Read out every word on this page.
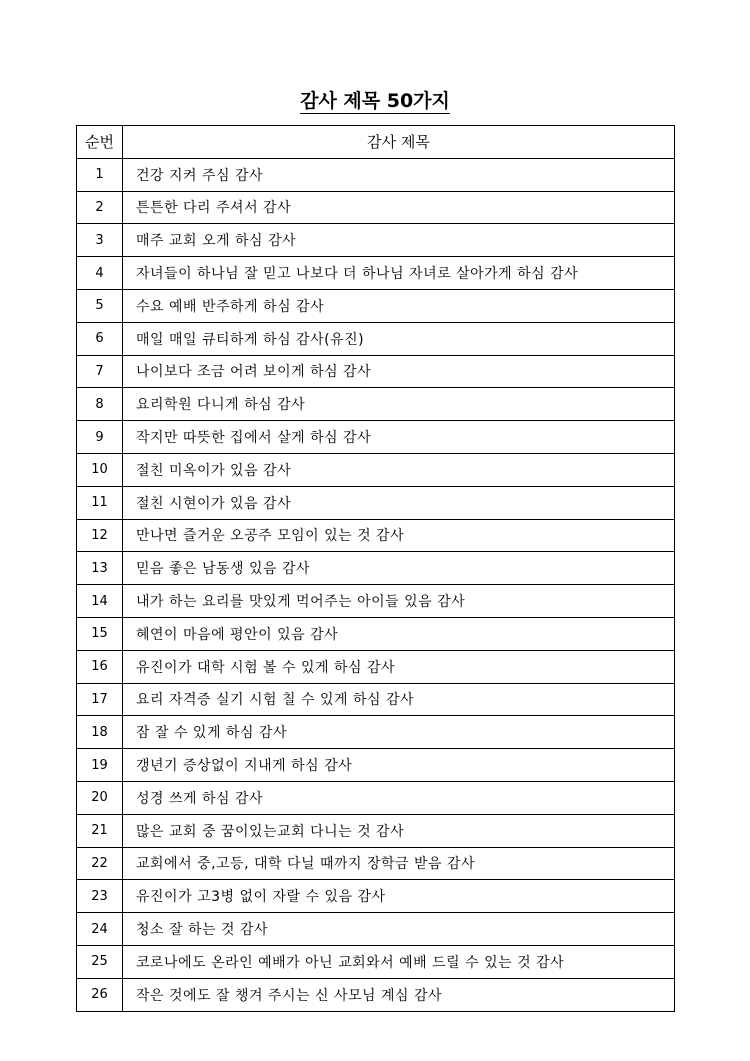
감사 제목 50가지
순번	감사 제목
1	건강 지켜 주심 감사
2	튼튼한 다리 주셔서 감사
3	매주 교회 오게 하심 감사
4	자녀들이 하나님 잘 믿고 나보다 더 하나님 자녀로 살아가게 하심 감사
5	수요 예배 반주하게 하심 감사
6	매일 매일 큐티하게 하심 감사(유진)
7	나이보다 조금 어려 보이게 하심 감사
8	요리학원 다니게 하심 감사
9	작지만 따뜻한 집에서 살게 하심 감사
10	절친 미옥이가 있음 감사
11	절친 시현이가 있음 감사
12	만나면 즐거운 오공주 모임이 있는 것 감사
13	믿음 좋은 남동생 있음 감사
14	내가 하는 요리를 맛있게 먹어주는 아이들 있음 감사
15	혜연이 마음에 평안이 있음 감사
16	유진이가 대학 시험 볼 수 있게 하심 감사
17	요리 자격증 실기 시험 칠 수 있게 하심 감사
18	잠 잘 수 있게 하심 감사
19	갱년기 증상없이 지내게 하심 감사
20	성경 쓰게 하심 감사
21	많은 교회 중 꿈이있는교회 다니는 것 감사
22	교회에서 중,고등, 대학 다닐 때까지 장학금 받음 감사
23	유진이가 고3병 없이 자랄 수 있음 감사
24	청소 잘 하는 것 감사
25	코로나에도 온라인 예배가 아닌 교회와서 예배 드릴 수 있는 것 감사
26	작은 것에도 잘 챙겨 주시는 신 사모님 계심 감사
